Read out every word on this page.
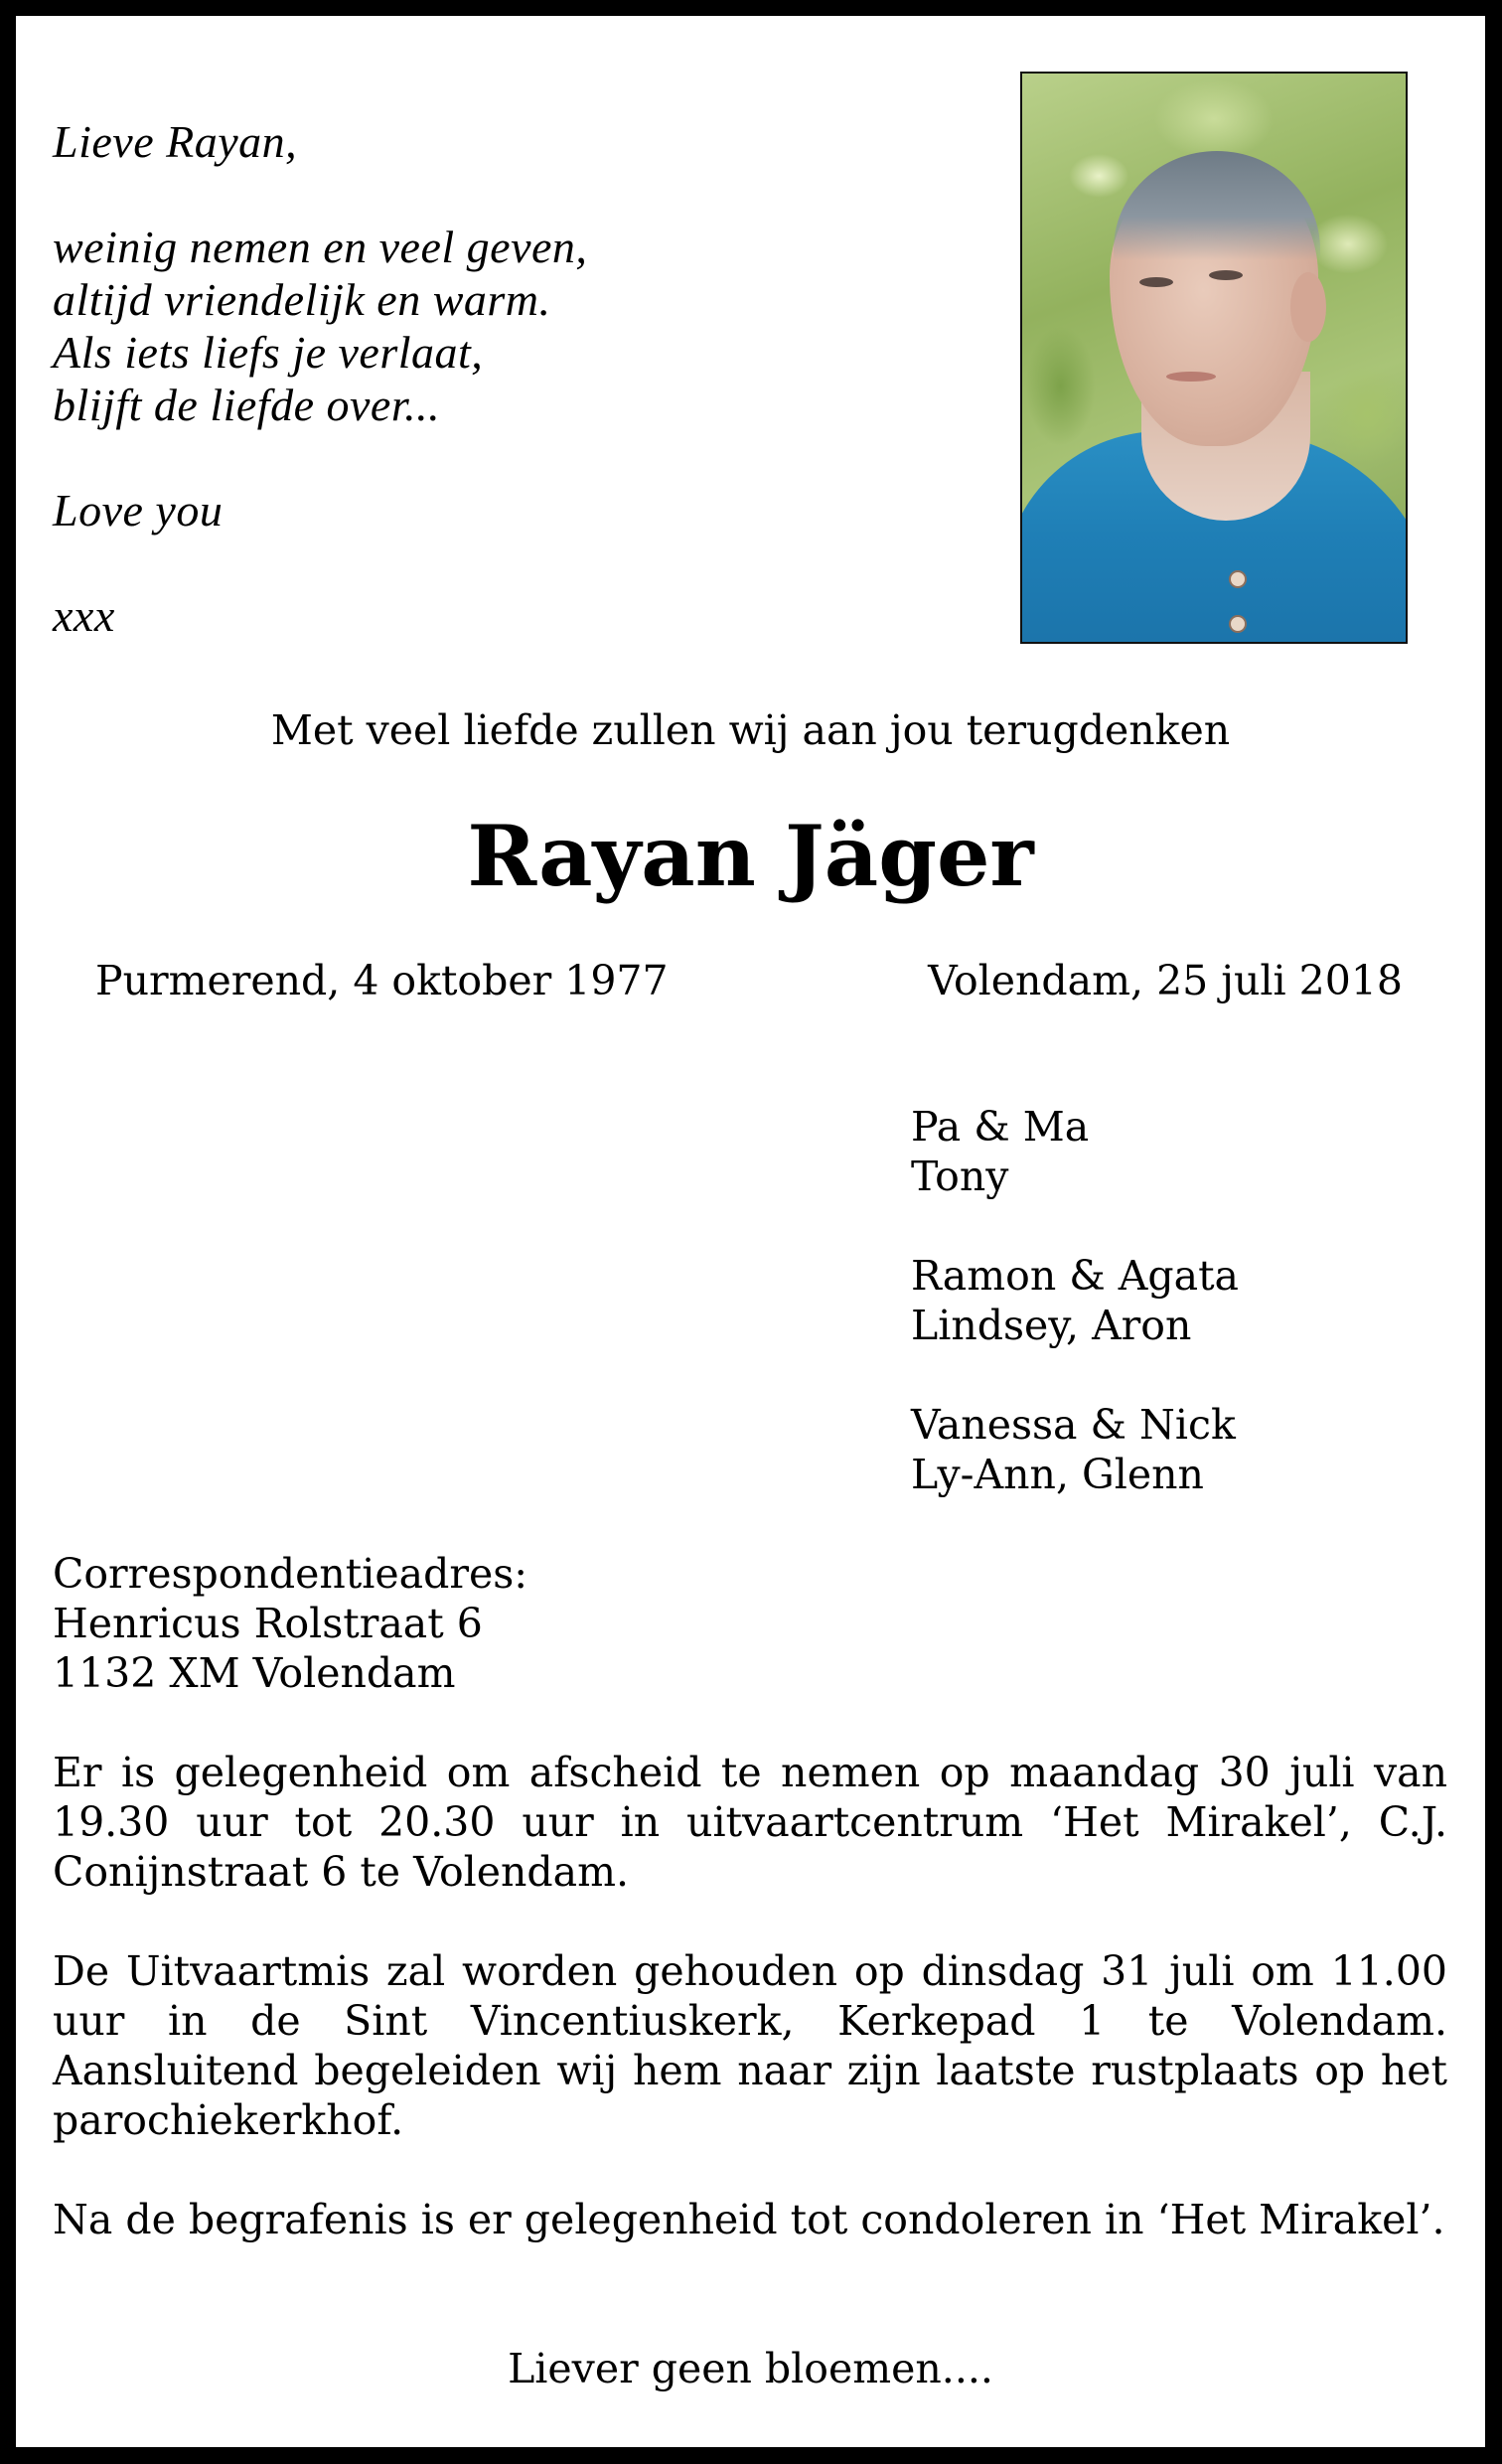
Lieve Rayan,
weinig nemen en veel geven,
altijd vriendelijk en warm.
Als iets liefs je verlaat,
blijft de liefde over...
Love you
xxx
Met veel liefde zullen wij aan jou terugdenken
Rayan Jäger
Purmerend, 4 oktober 1977	Volendam, 25 juli 2018
Pa & Ma
Tony
Ramon & Agata
Lindsey, Aron
Vanessa & Nick
Ly-Ann, Glenn
Correspondentieadres:
Henricus Rolstraat 6
1132 XM Volendam

Er is gelegenheid om afscheid te nemen op maandag 30 juli van 19.30 uur tot 20.30 uur in uitvaartcentrum ‘Het Mirakel’, C.J. Conijnstraat 6 te Volendam.

De Uitvaartmis zal worden gehouden op dinsdag 31 juli om 11.00 uur in de Sint Vincentiuskerk, Kerkepad 1 te Volendam. Aansluitend begeleiden wij hem naar zijn laatste rustplaats op het parochiekerkhof.

Na de begrafenis is er gelegenheid tot condoleren in ‘Het Mirakel’.

Liever geen bloemen....
